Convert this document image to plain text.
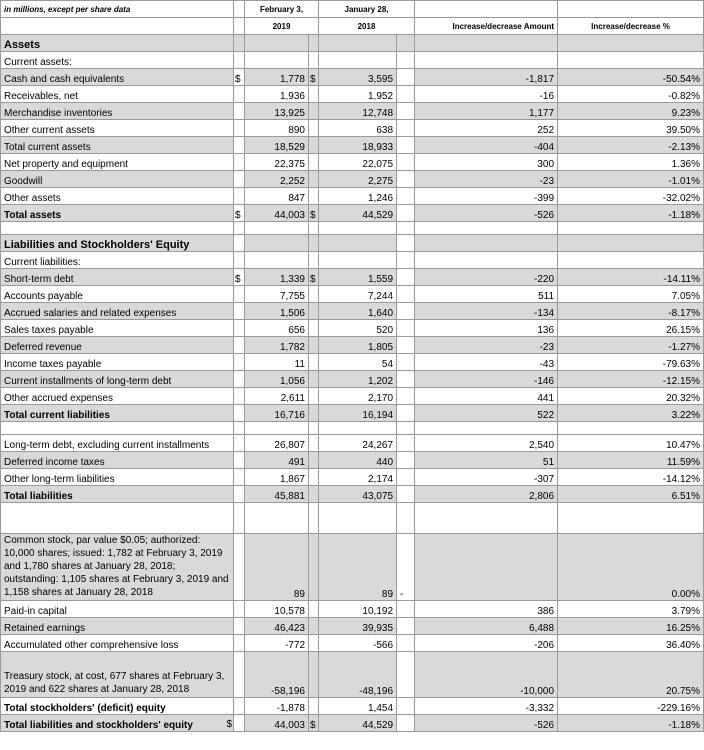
in millions, except per share data		February 3,		January 28,			
		2019		2018		Increase/decrease Amount	Increase/decrease %
Assets							
Current assets:							
Cash and cash equivalents	$	1,778	$	3,595		-1,817	-50.54%
Receivables, net		1,936		1,952		-16	-0.82%
Merchandise inventories		13,925		12,748		1,177	9.23%
Other current assets		890		638		252	39.50%
Total current assets		18,529		18,933		-404	-2.13%
Net property and equipment		22,375		22,075		300	1.36%
Goodwill		2,252		2,275		-23	-1.01%
Other assets		847		1,246		-399	-32.02%
Total assets	$	44,003	$	44,529		-526	-1.18%

Liabilities and Stockholders' Equity							
Current liabilities:							
Short-term debt	$	1,339	$	1,559		-220	-14.11%
Accounts payable		7,755		7,244		511	7.05%
Accrued salaries and related expenses		1,506		1,640		-134	-8.17%
Sales taxes payable		656		520		136	26.15%
Deferred revenue		1,782		1,805		-23	-1.27%
Income taxes payable		11		54		-43	-79.63%
Current installments of long-term debt		1,056		1,202		-146	-12.15%
Other accrued expenses		2,611		2,170		441	20.32%
Total current liabilities		16,716		16,194		522	3.22%

Long-term debt, excluding current installments		26,807		24,267		2,540	10.47%
Deferred income taxes		491		440		51	11.59%
Other long-term liabilities		1,867		2,174		-307	-14.12%
Total liabilities		45,881		43,075		2,806	6.51%

Common stock, par value $0.05; authorized: 10,000 shares; issued: 1,782 at February 3, 2019 and 1,780 shares at January 28, 2018; outstanding: 1,105 shares at February 3, 2019 and 1,158 shares at January 28, 2018		89		89	-		0.00%
Paid-in capital		10,578		10,192		386	3.79%
Retained earnings		46,423		39,935		6,488	16.25%
Accumulated other comprehensive loss		-772		-566		-206	36.40%
Treasury stock, at cost, 677 shares at February 3, 2019 and 622 shares at January 28, 2018		-58,196		-48,196		-10,000	20.75%
Total stockholders' (deficit) equity		-1,878		1,454		-3,332	-229.16%
Total liabilities and stockholders' equity $		44,003	$	44,529		-526	-1.18%
